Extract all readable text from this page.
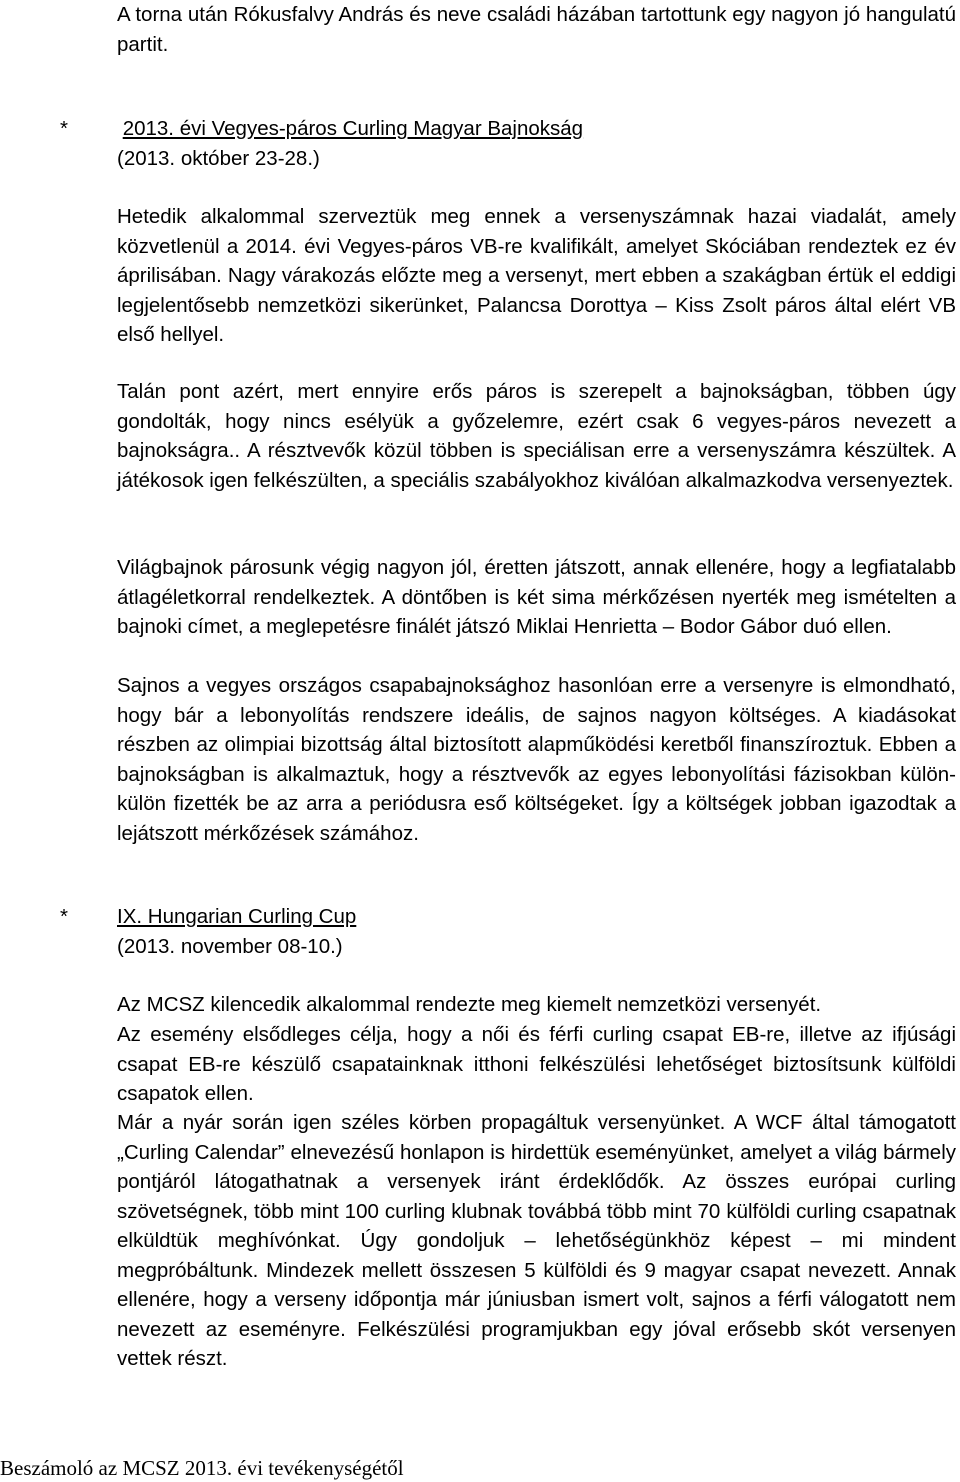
A torna után Rókusfalvy András és neve családi házában tartottunk egy nagyon jó hangulatú partit.

*	2013. évi Vegyes-páros Curling Magyar Bajnokság
(2013. október 23-28.)

Hetedik alkalommal szerveztük meg ennek a versenyszámnak hazai viadalát, amely közvetlenül a 2014. évi Vegyes-páros VB-re kvalifikált, amelyet Skóciában rendeztek ez év áprilisában. Nagy várakozás előzte meg a versenyt, mert ebben a szakágban értük el eddigi legjelentősebb nemzetközi sikerünket, Palancsa Dorottya – Kiss Zsolt páros által elért VB első hellyel.

Talán pont azért, mert ennyire erős páros is szerepelt a bajnokságban, többen úgy gondolták, hogy nincs esélyük a győzelemre, ezért csak 6 vegyes-páros nevezett a bajnokságra.. A résztvevők közül többen is speciálisan erre a versenyszámra készültek. A játékosok igen felkészülten, a speciális szabályokhoz kiválóan alkalmazkodva versenyeztek.

Világbajnok párosunk végig nagyon jól, éretten játszott, annak ellenére, hogy a legfiatalabb átlagéletkorral rendelkeztek. A döntőben is két sima mérkőzésen nyerték meg ismételten a bajnoki címet, a meglepetésre finálét játszó Miklai Henrietta – Bodor Gábor duó ellen.

Sajnos a vegyes országos csapabajnoksághoz hasonlóan erre a versenyre is elmondható, hogy bár a lebonyolítás rendszere ideális, de sajnos nagyon költséges. A kiadásokat részben az olimpiai bizottság által biztosított alapműködési keretből finanszíroztuk. Ebben a bajnokságban is alkalmaztuk, hogy a résztvevők az egyes lebonyolítási fázisokban külön-külön fizették be az arra a periódusra eső költségeket. Így a költségek jobban igazodtak a lejátszott mérkőzések számához.

* IX. Hungarian Curling Cup
(2013. november 08-10.)

Az MCSZ kilencedik alkalommal rendezte meg kiemelt nemzetközi versenyét.

Az esemény elsődleges célja, hogy a női és férfi curling csapat EB-re, illetve az ifjúsági csapat EB-re készülő csapatainknak itthoni felkészülési lehetőséget biztosítsunk külföldi csapatok ellen.

Már a nyár során igen széles körben propagáltuk versenyünket. A WCF által támogatott „Curling Calendar” elnevezésű honlapon is hirdettük eseményünket, amelyet a világ bármely pontjáról látogathatnak a versenyek iránt érdeklődők. Az összes európai curling szövetségnek, több mint 100 curling klubnak továbbá több mint 70 külföldi curling csapatnak elküldtük meghívónkat. Úgy gondoljuk – lehetőségünkhöz képest – mi mindent megpróbáltunk. Mindezek mellett összesen 5 külföldi és 9 magyar csapat nevezett. Annak ellenére, hogy a verseny időpontja már júniusban ismert volt, sajnos a férfi válogatott nem nevezett az eseményre. Felkészülési programjukban egy jóval erősebb skót versenyen vettek részt.

Beszámoló az MCSZ 2013. évi tevékenységétől
